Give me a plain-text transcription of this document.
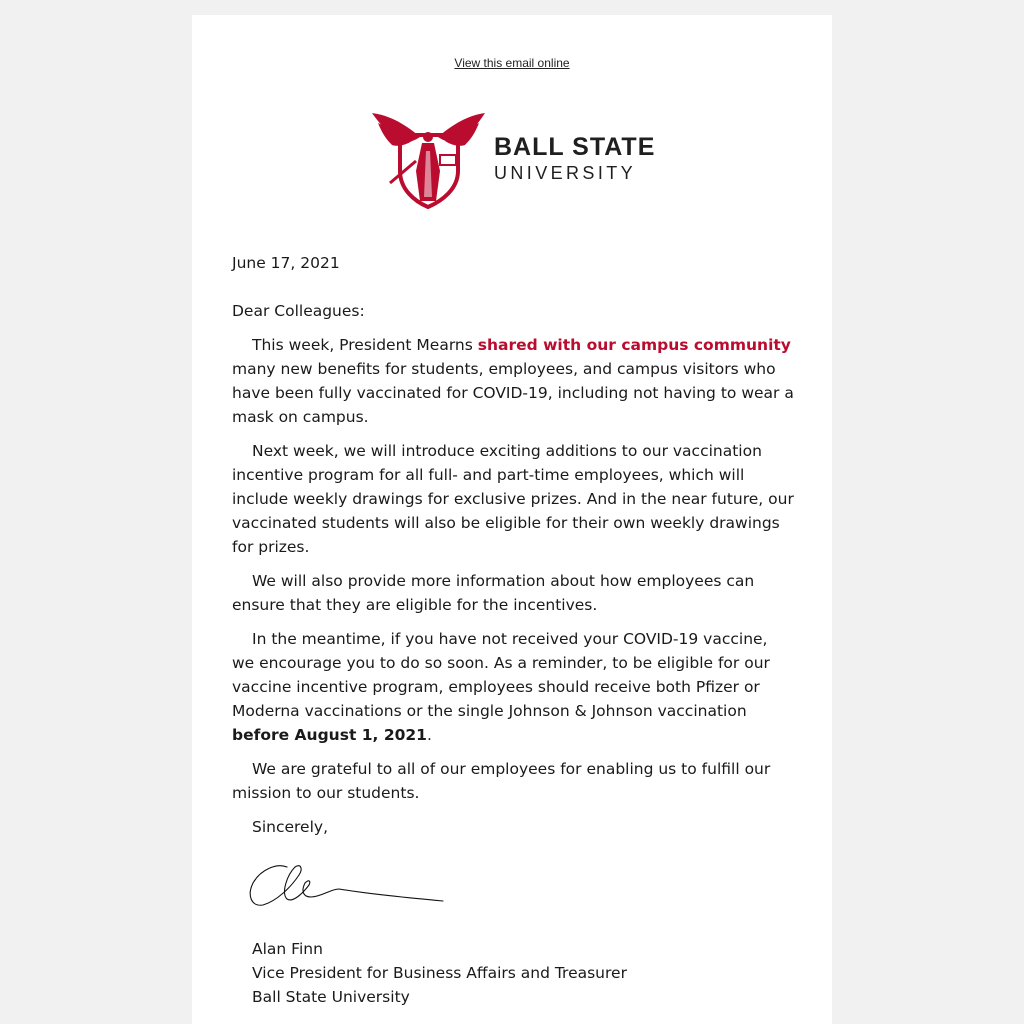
View this email online
BALL STATE
UNIVERSITY

June 17, 2021

Dear Colleagues:

This week, President Mearns shared with our campus community many new benefits for students, employees, and campus visitors who have been fully vaccinated for COVID-19, including not having to wear a mask on campus.

Next week, we will introduce exciting additions to our vaccination incentive program for all full- and part-time employees, which will include weekly drawings for exclusive prizes. And in the near future, our vaccinated students will also be eligible for their own weekly drawings for prizes.

We will also provide more information about how employees can ensure that they are eligible for the incentives.

In the meantime, if you have not received your COVID-19 vaccine, we encourage you to do so soon. As a reminder, to be eligible for our vaccine incentive program, employees should receive both Pfizer or Moderna vaccinations or the single Johnson & Johnson vaccination before August 1, 2021.

We are grateful to all of our employees for enabling us to fulfill our mission to our students.

Sincerely,

Alan Finn
Vice President for Business Affairs and Treasurer
Ball State University
